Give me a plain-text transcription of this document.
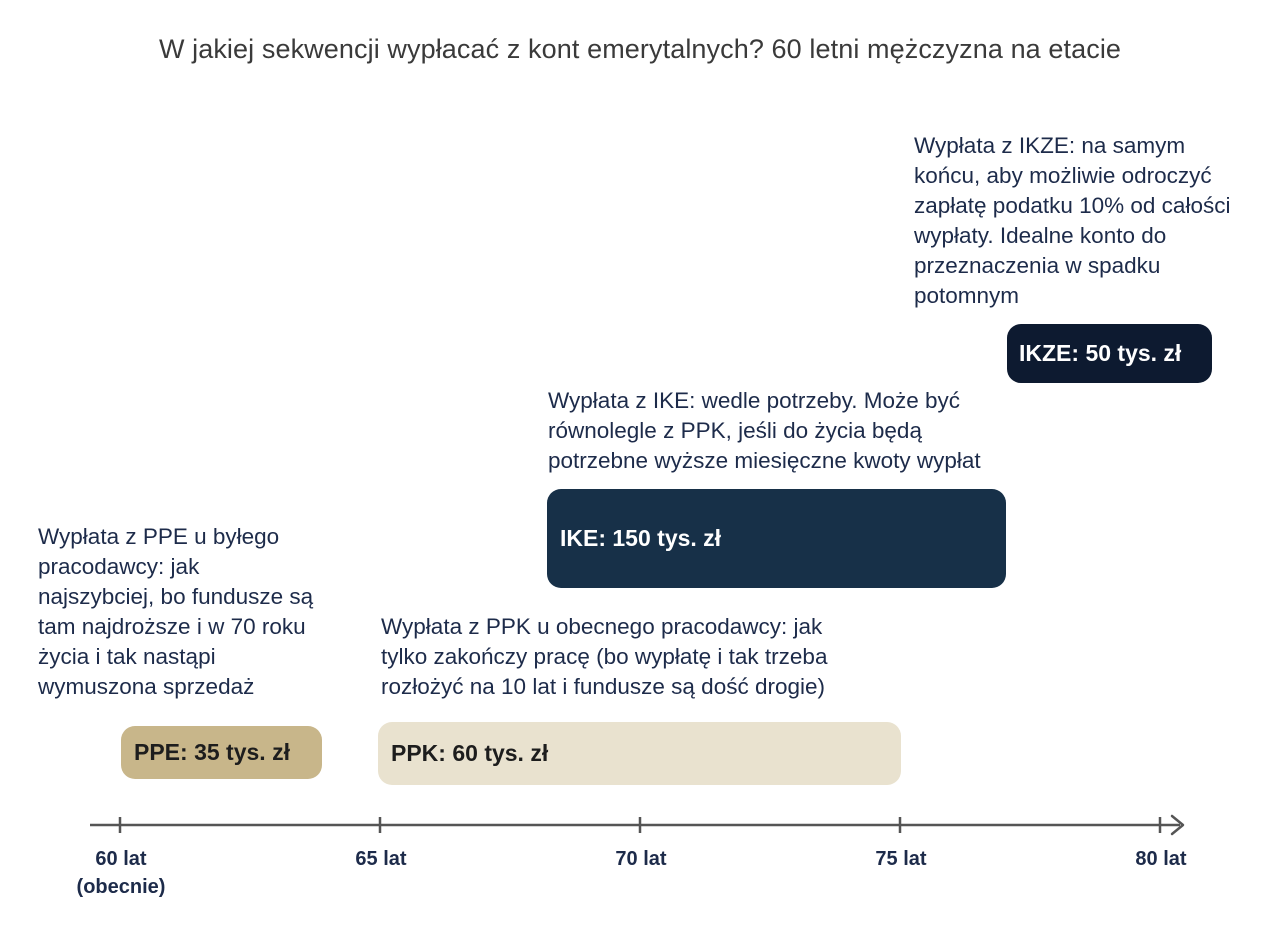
W jakiej sekwencji wypłacać z kont emerytalnych? 60 letni mężczyzna na etacie
Wypłata z IKZE: na samym
końcu, aby możliwie odroczyć
zapłatę podatku 10% od całości
wypłaty. Idealne konto do
przeznaczenia w spadku
potomnym
IKZE: 50 tys. zł
Wypłata z IKE: wedle potrzeby. Może być
równolegle z PPK, jeśli do życia będą
potrzebne wyższe miesięczne kwoty wypłat
IKE: 150 tys. zł
Wypłata z PPE u byłego
pracodawcy: jak
najszybciej, bo fundusze są
tam najdroższe i w 70 roku
życia i tak nastąpi
wymuszona sprzedaż
PPE: 35 tys. zł
Wypłata z PPK u obecnego pracodawcy: jak
tylko zakończy pracę (bo wypłatę i tak trzeba
rozłożyć na 10 lat i fundusze są dość drogie)
PPK: 60 tys. zł
60 lat
(obecnie)
65 lat	70 lat	75 lat	80 lat
